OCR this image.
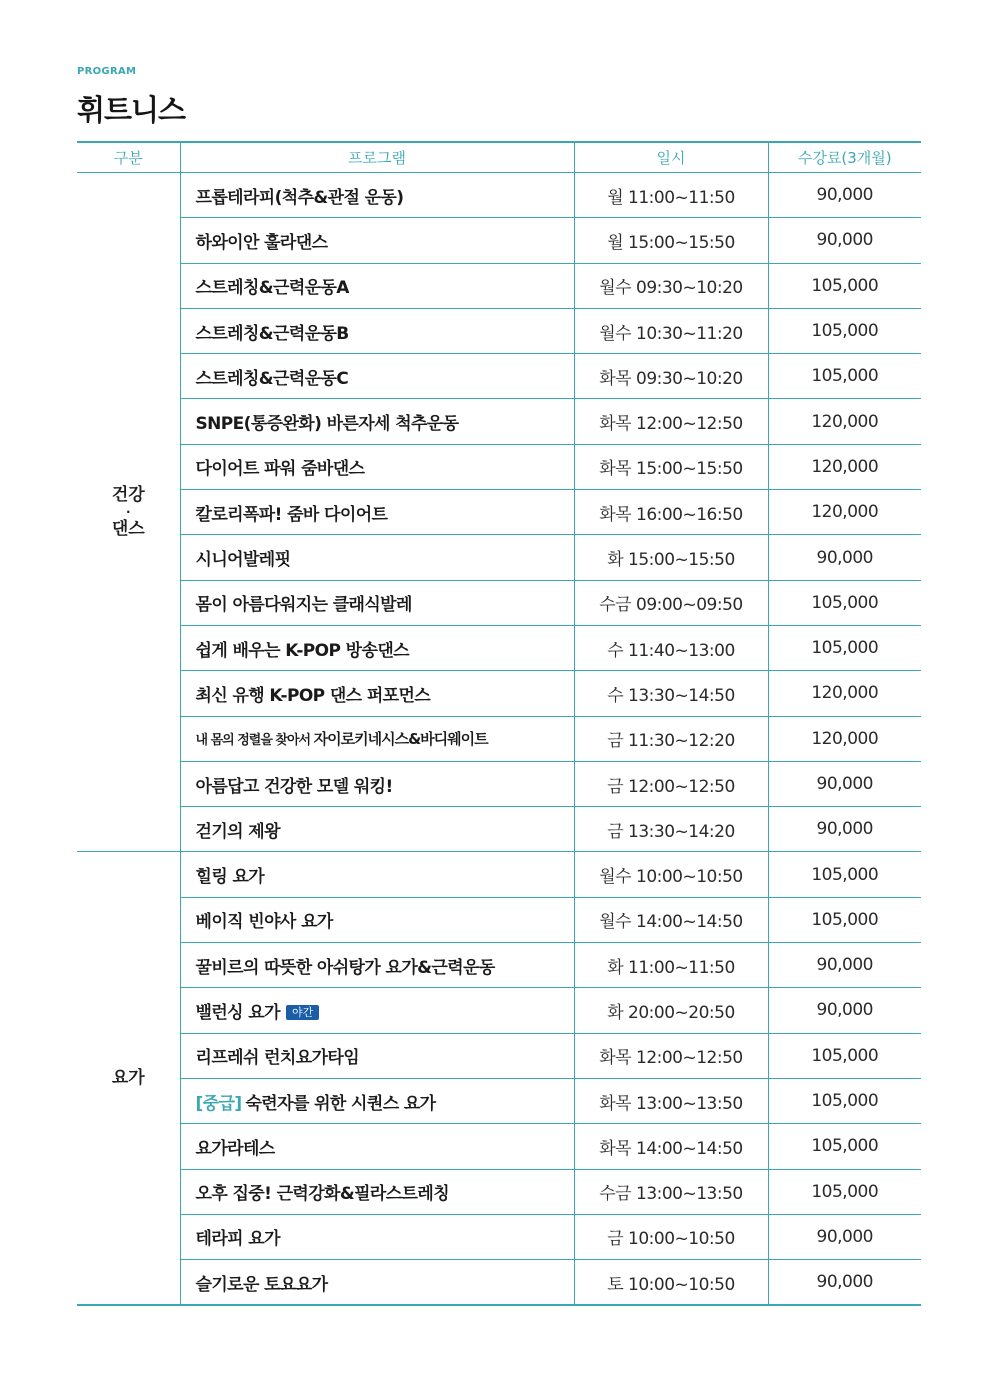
PROGRAM
휘트니스
구분	프로그램	일시	수강료(3개월)
건강
·
댄스	프롭테라피(척추&관절 운동)	월 11:00~11:50	90,000
	하와이안 훌라댄스	월 15:00~15:50	90,000
	스트레칭&근력운동A	월수 09:30~10:20	105,000
	스트레칭&근력운동B	월수 10:30~11:20	105,000
	스트레칭&근력운동C	화목 09:30~10:20	105,000
	SNPE(통증완화) 바른자세 척추운동	화목 12:00~12:50	120,000
	다이어트 파워 줌바댄스	화목 15:00~15:50	120,000
	칼로리폭파! 줌바 다이어트	화목 16:00~16:50	120,000
	시니어발레핏	화 15:00~15:50	90,000
	몸이 아름다워지는 클래식발레	수금 09:00~09:50	105,000
	쉽게 배우는 K-POP 방송댄스	수 11:40~13:00	105,000
	최신 유행 K-POP 댄스 퍼포먼스	수 13:30~14:50	120,000
	내 몸의 정렬을 찾아서 자이로키네시스&바디웨이트	금 11:30~12:20	120,000
	아름답고 건강한 모델 워킹!	금 12:00~12:50	90,000
	걷기의 제왕	금 13:30~14:20	90,000
요가	힐링 요가	월수 10:00~10:50	105,000
	베이직 빈야사 요가	월수 14:00~14:50	105,000
	꿀비르의 따뜻한 아쉬탕가 요가&근력운동	화 11:00~11:50	90,000
	밸런싱 요가 야간	화 20:00~20:50	90,000
	리프레쉬 런치요가타임	화목 12:00~12:50	105,000
	[중급] 숙련자를 위한 시퀀스 요가	화목 13:00~13:50	105,000
	요가라테스	화목 14:00~14:50	105,000
	오후 집중! 근력강화&필라스트레칭	수금 13:00~13:50	105,000
	테라피 요가	금 10:00~10:50	90,000
	슬기로운 토요요가	토 10:00~10:50	90,000
